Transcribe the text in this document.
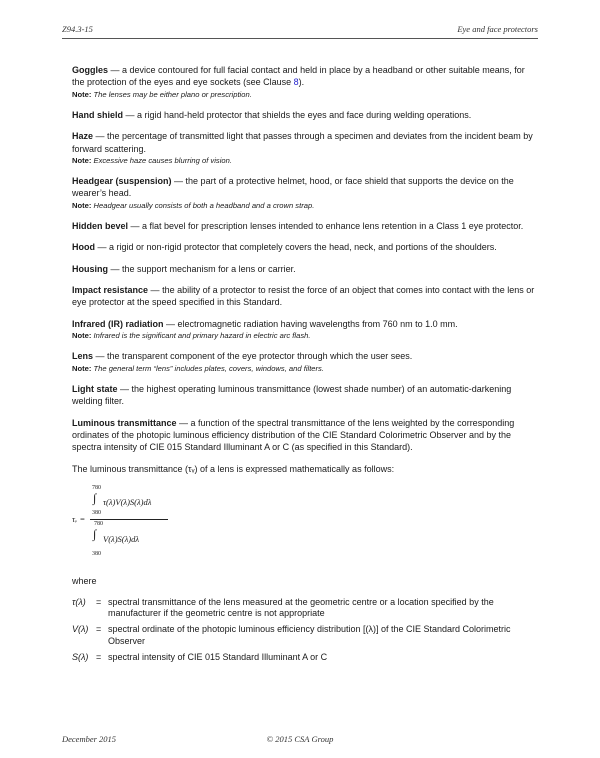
Z94.3-15	Eye and face protectors

Goggles — a device contoured for full facial contact and held in place by a headband or other suitable means, for the protection of the eyes and eye sockets (see Clause 8).
Note: The lenses may be either plano or prescription.

Hand shield — a rigid hand-held protector that shields the eyes and face during welding operations.

Haze — the percentage of transmitted light that passes through a specimen and deviates from the incident beam by forward scattering.
Note: Excessive haze causes blurring of vision.

Headgear (suspension) — the part of a protective helmet, hood, or face shield that supports the device on the wearer’s head.
Note: Headgear usually consists of both a headband and a crown strap.

Hidden bevel — a flat bevel for prescription lenses intended to enhance lens retention in a Class 1 eye protector.

Hood — a rigid or non-rigid protector that completely covers the head, neck, and portions of the shoulders.

Housing — the support mechanism for a lens or carrier.

Impact resistance — the ability of a protector to resist the force of an object that comes into contact with the lens or eye protector at the speed specified in this Standard.

Infrared (IR) radiation — electromagnetic radiation having wavelengths from 760 nm to 1.0 mm.
Note: Infrared is the significant and primary hazard in electric arc flash.

Lens — the transparent component of the eye protector through which the user sees.
Note: The general term “lens” includes plates, covers, windows, and filters.

Light state — the highest operating luminous transmittance (lowest shade number) of an automatic-darkening welding filter.

Luminous transmittance — a function of the spectral transmittance of the lens weighted by the corresponding ordinates of the photopic luminous efficiency distribution of the CIE Standard Colorimetric Observer and by the spectra intensity of CIE 015 Standard Illuminant A or C (as specified in this Standard).

The luminous transmittance (τᵥ) of a lens is expressed mathematically as follows:

780
∫ τ(λ)V(λ)S(λ)dλ
380
τᵥ = 780
∫ V(λ)S(λ)dλ
380

where

τ(λ)	= spectral transmittance of the lens measured at the geometric centre or a location specified by the manufacturer if the geometric centre is not appropriate
V(λ) = spectral ordinate of the photopic luminous efficiency distribution [(λ)] of the CIE Standard Colorimetric Observer
S(λ) = spectral intensity of CIE 015 Standard Illuminant A or C
December 2015	© 2015 CSA Group
